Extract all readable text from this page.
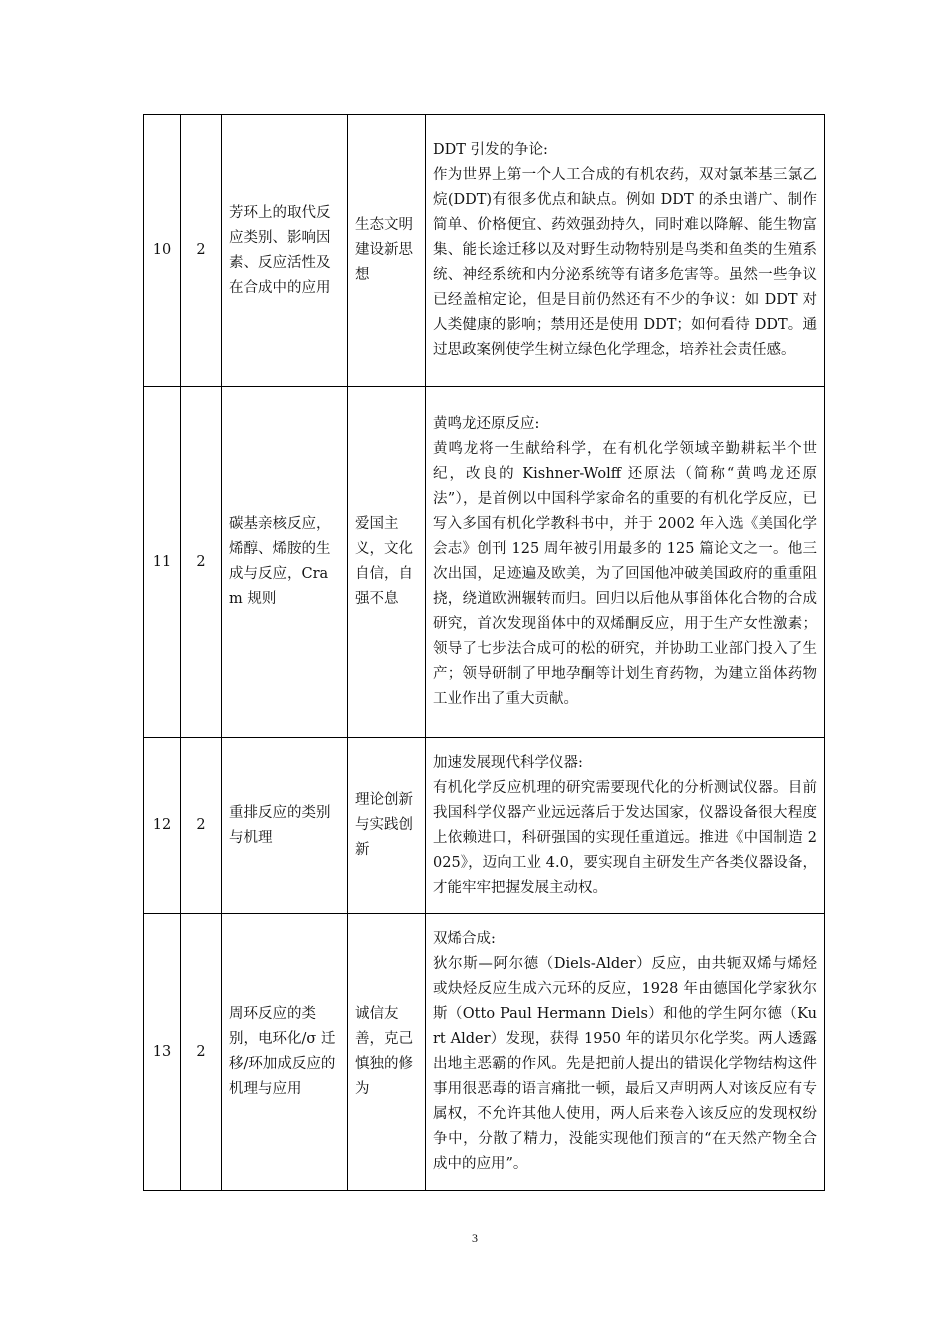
10	2	芳环上的取代反应类别、影响因素、反应活性及在合成中的应用	生态文明建设新思想	DDT 引发的争论:
作为世界上第一个人工合成的有机农药，双对氯苯基三氯乙烷(DDT)有很多优点和缺点。例如 DDT 的杀虫谱广、制作简单、价格便宜、药效强劲持久，同时难以降解、能生物富集、能长途迁移以及对野生动物特别是鸟类和鱼类的生殖系统、神经系统和内分泌系统等有诸多危害等。虽然一些争议已经盖棺定论，但是目前仍然还有不少的争议：如 DDT 对人类健康的影响；禁用还是使用 DDT；如何看待 DDT。通过思政案例使学生树立绿色化学理念，培养社会责任感。

11	2	碳基亲核反应，烯醇、烯胺的生成与反应，Cram 规则	爱国主义，文化自信，自强不息	黄鸣龙还原反应:
黄鸣龙将一生献给科学，在有机化学领域辛勤耕耘半个世纪，改良的 Kishner-Wolff 还原法（简称“黄鸣龙还原法”），是首例以中国科学家命名的重要的有机化学反应，已写入多国有机化学教科书中，并于 2002 年入选《美国化学会志》创刊 125 周年被引用最多的 125 篇论文之一。他三次出国，足迹遍及欧美，为了回国他冲破美国政府的重重阻挠，绕道欧洲辗转而归。回归以后他从事甾体化合物的合成研究，首次发现甾体中的双烯酮反应，用于生产女性激素；领导了七步法合成可的松的研究，并协助工业部门投入了生产；领导研制了甲地孕酮等计划生育药物，为建立甾体药物工业作出了重大贡献。

12	2	重排反应的类别与机理	理论创新与实践创新	加速发展现代科学仪器:
有机化学反应机理的研究需要现代化的分析测试仪器。目前我国科学仪器产业远远落后于发达国家，仪器设备很大程度上依赖进口，科研强国的实现任重道远。推进《中国制造 2025》，迈向工业 4.0，要实现自主研发生产各类仪器设备，才能牢牢把握发展主动权。

13	2	周环反应的类别，电环化/σ 迁移/环加成反应的机理与应用	诚信友善，克己慎独的修为	双烯合成:
狄尔斯—阿尔德（Diels-Alder）反应，由共轭双烯与烯烃或炔烃反应生成六元环的反应，1928 年由德国化学家狄尔斯（Otto Paul Hermann Diels）和他的学生阿尔德（Kurt Alder）发现，获得 1950 年的诺贝尔化学奖。两人透露出地主恶霸的作风。先是把前人提出的错误化学物结构这件事用很恶毒的语言痛批一顿，最后又声明两人对该反应有专属权，不允许其他人使用，两人后来卷入该反应的发现权纷争中，分散了精力，没能实现他们预言的“在天然产物全合成中的应用”。
3
